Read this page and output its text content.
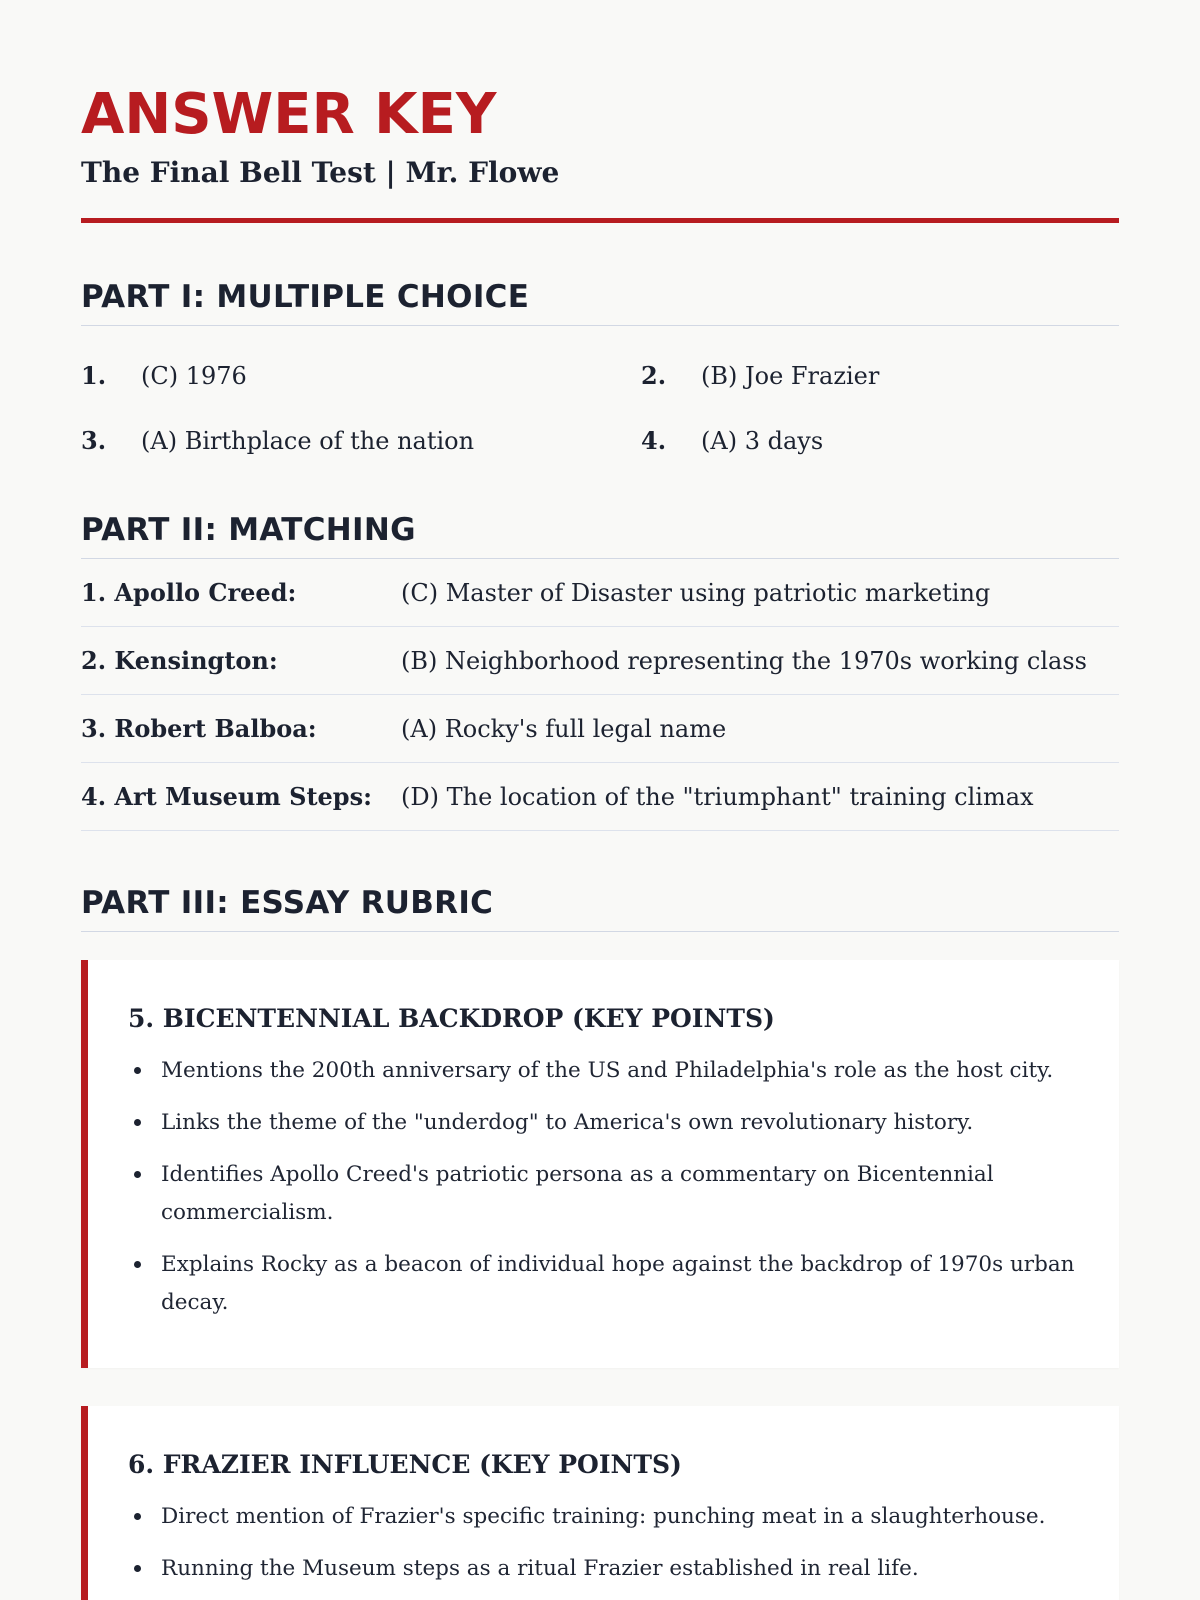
ANSWER KEY
The Final Bell Test | Mr. Flowe
PART I: MULTIPLE CHOICE
1.	(C) 1976	2.	(B) Joe Frazier
3.	(A) Birthplace of the nation	4.	(A) 3 days
PART II: MATCHING
1. Apollo Creed:	(C) Master of Disaster using patriotic marketing
2. Kensington:	(B) Neighborhood representing the 1970s working class
3. Robert Balboa:	(A) Rocky's full legal name
4. Art Museum Steps:	(D) The location of the "triumphant" training climax
PART III: ESSAY RUBRIC
5. BICENTENNIAL BACKDROP (KEY POINTS)
Mentions the 200th anniversary of the US and Philadelphia's role as the host city.
Links the theme of the "underdog" to America's own revolutionary history.
Identifies Apollo Creed's patriotic persona as a commentary on Bicentennial commercialism.
Explains Rocky as a beacon of individual hope against the backdrop of 1970s urban decay.
6. FRAZIER INFLUENCE (KEY POINTS)
Direct mention of Frazier's specific training: punching meat in a slaughterhouse.
Running the Museum steps as a ritual Frazier established in real life.
